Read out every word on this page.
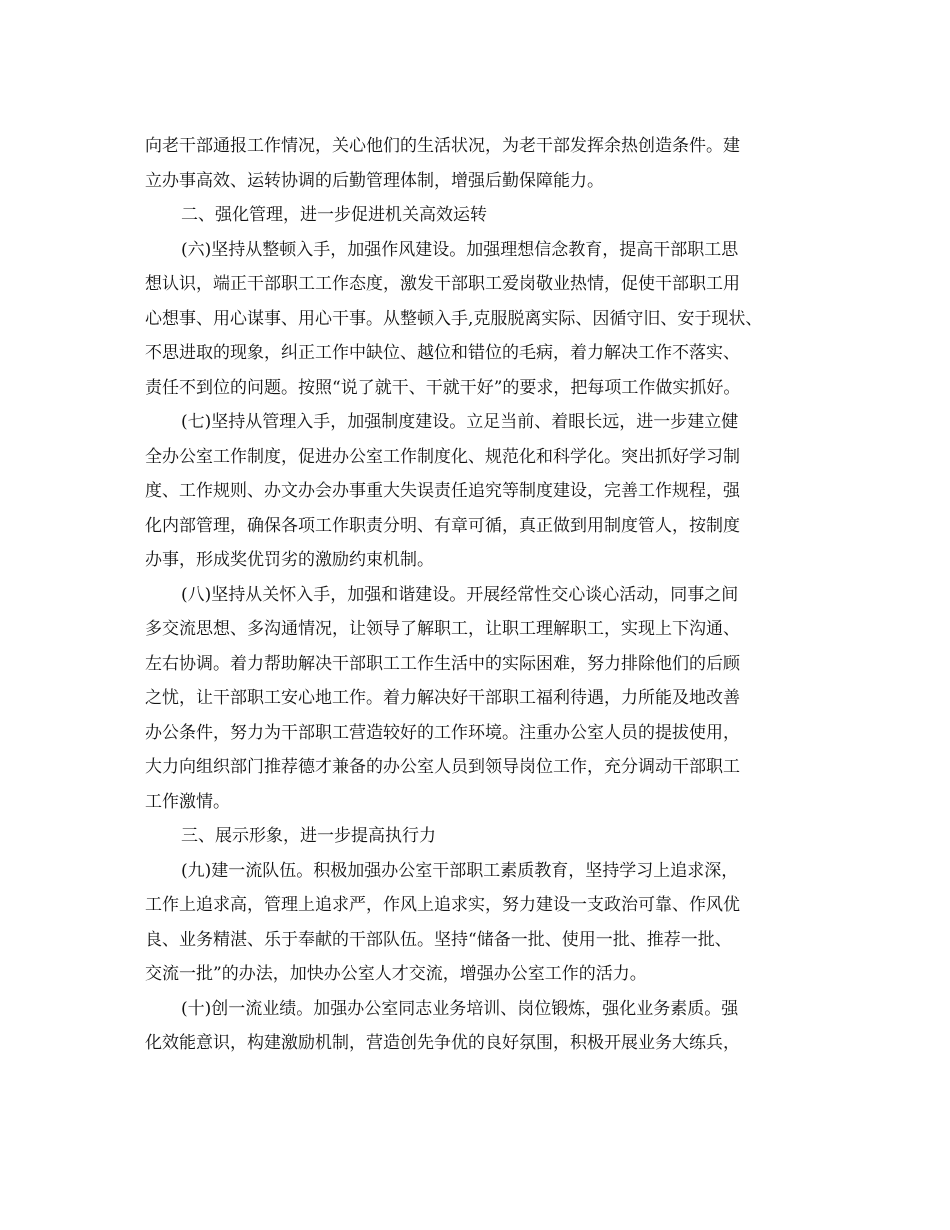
向老干部通报工作情况，关心他们的生活状况，为老干部发挥余热创造条件。建
立办事高效、运转协调的后勤管理体制，增强后勤保障能力。
二、强化管理，进一步促进机关高效运转
(六)坚持从整顿入手，加强作风建设。加强理想信念教育，提高干部职工思
想认识，端正干部职工工作态度，激发干部职工爱岗敬业热情，促使干部职工用
心想事、用心谋事、用心干事。从整顿入手,克服脱离实际、因循守旧、安于现状、
不思进取的现象，纠正工作中缺位、越位和错位的毛病，着力解决工作不落实、
责任不到位的问题。按照“说了就干、干就干好”的要求，把每项工作做实抓好。
(七)坚持从管理入手，加强制度建设。立足当前、着眼长远，进一步建立健
全办公室工作制度，促进办公室工作制度化、规范化和科学化。突出抓好学习制
度、工作规则、办文办会办事重大失误责任追究等制度建设，完善工作规程，强
化内部管理，确保各项工作职责分明、有章可循，真正做到用制度管人，按制度
办事，形成奖优罚劣的激励约束机制。
(八)坚持从关怀入手，加强和谐建设。开展经常性交心谈心活动，同事之间
多交流思想、多沟通情况，让领导了解职工，让职工理解职工，实现上下沟通、
左右协调。着力帮助解决干部职工工作生活中的实际困难，努力排除他们的后顾
之忧，让干部职工安心地工作。着力解决好干部职工福利待遇，力所能及地改善
办公条件，努力为干部职工营造较好的工作环境。注重办公室人员的提拔使用，
大力向组织部门推荐德才兼备的办公室人员到领导岗位工作，充分调动干部职工
工作激情。
三、展示形象，进一步提高执行力
(九)建一流队伍。积极加强办公室干部职工素质教育，坚持学习上追求深，
工作上追求高，管理上追求严，作风上追求实，努力建设一支政治可靠、作风优
良、业务精湛、乐于奉献的干部队伍。坚持“储备一批、使用一批、推荐一批、
交流一批”的办法，加快办公室人才交流，增强办公室工作的活力。
(十)创一流业绩。加强办公室同志业务培训、岗位锻炼，强化业务素质。强
化效能意识，构建激励机制，营造创先争优的良好氛围，积极开展业务大练兵，
